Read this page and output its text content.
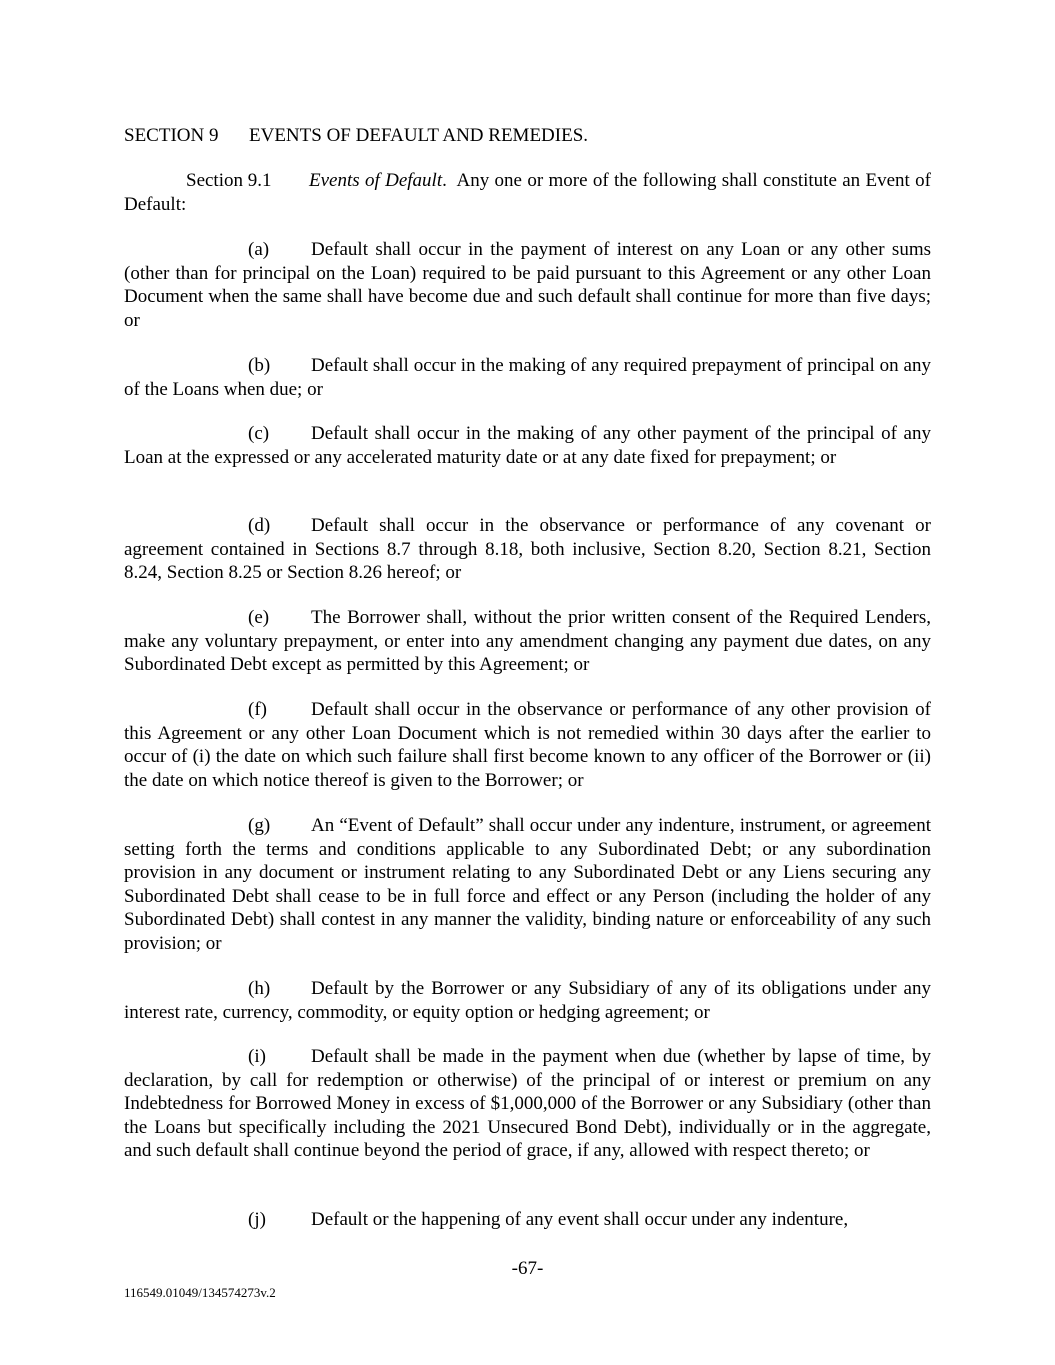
SECTION 9 EVENTS OF DEFAULT AND REMEDIES.
Section 9.1 Events of Default.  Any one or more of the following shall constitute an Event of Default:
(a) Default shall occur in the payment of interest on any Loan or any other sums (other than for principal on the Loan) required to be paid pursuant to this Agreement or any other Loan Document when the same shall have become due and such default shall continue for more than five days; or
(b) Default shall occur in the making of any required prepayment of principal on any of the Loans when due; or
(c) Default shall occur in the making of any other payment of the principal of any Loan at the expressed or any accelerated maturity date or at any date fixed for prepayment; or
(d) Default shall occur in the observance or performance of any covenant or agreement contained in Sections 8.7 through 8.18, both inclusive, Section 8.20, Section 8.21, Section 8.24, Section 8.25 or Section 8.26 hereof; or
(e) The Borrower shall, without the prior written consent of the Required Lenders, make any voluntary prepayment, or enter into any amendment changing any payment due dates, on any Subordinated Debt except as permitted by this Agreement; or
(f) Default shall occur in the observance or performance of any other provision of this Agreement or any other Loan Document which is not remedied within 30 days after the earlier to occur of (i) the date on which such failure shall first become known to any officer of the Borrower or (ii) the date on which notice thereof is given to the Borrower; or
(g) An “Event of Default” shall occur under any indenture, instrument, or agreement setting forth the terms and conditions applicable to any Subordinated Debt; or any subordination provision in any document or instrument relating to any Subordinated Debt or any Liens securing any Subordinated Debt shall cease to be in full force and effect or any Person (including the holder of any Subordinated Debt) shall contest in any manner the validity, binding nature or enforceability of any such provision; or
(h) Default by the Borrower or any Subsidiary of any of its obligations under any interest rate, currency, commodity, or equity option or hedging agreement; or
(i) Default shall be made in the payment when due (whether by lapse of time, by declaration, by call for redemption or otherwise) of the principal of or interest or premium on any Indebtedness for Borrowed Money in excess of $1,000,000 of the Borrower or any Subsidiary (other than the Loans but specifically including the 2021 Unsecured Bond Debt), individually or in the aggregate, and such default shall continue beyond the period of grace, if any, allowed with respect thereto; or
(j) Default or the happening of any event shall occur under any indenture,
-67-
116549.01049/134574273v.2
